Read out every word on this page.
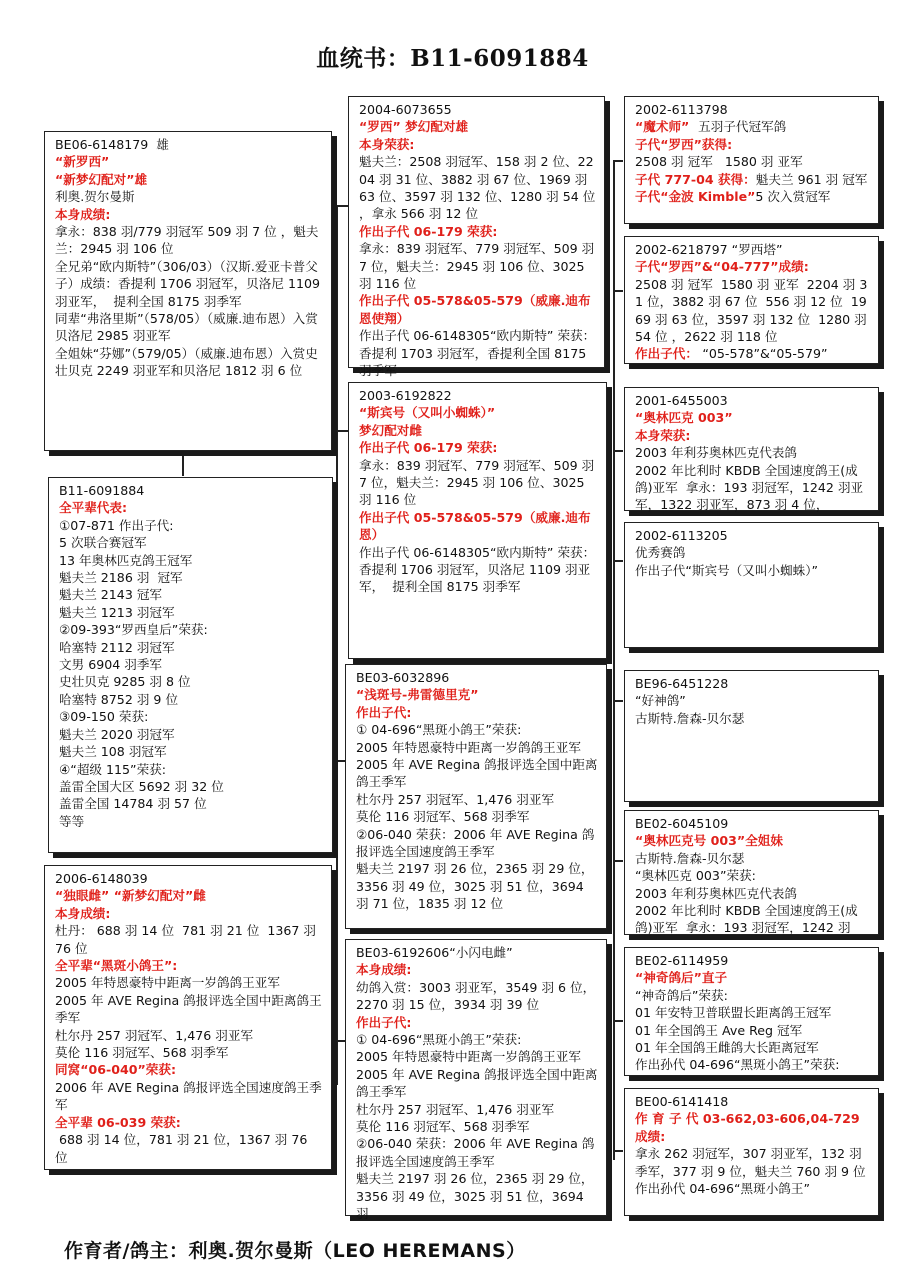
血统书：B11-6091884
BE06-6148179  雄
“新罗西”
“新梦幻配对”雄
利奥.贺尔曼斯
本身成绩:
拿永：838 羽/779 羽冠军 509 羽 7 位 ，魁夫兰：2945 羽 106 位
全兄弟“欧内斯特”（306/03）（汉斯.爱亚卡普父子）成绩：香提利 1706 羽冠军，贝洛尼 1109 羽亚军，  提利全国 8175 羽季军
同辈“弗洛里斯”（578/05）（威廉.迪布恩）入赏贝洛尼 2985 羽亚军
全姐妹“芬娜”（579/05）（威廉.迪布恩）入赏史壮贝克 2249 羽亚军和贝洛尼 1812 羽 6 位
B11-6091884
全平辈代表:
①07-871 作出子代:
5 次联合赛冠军
13 年奥林匹克鸽王冠军
魁夫兰 2186 羽  冠军
魁夫兰 2143 冠军
魁夫兰 1213 羽冠军
②09-393“罗西皇后”荣获:
哈塞特 2112 羽冠军
文男 6904 羽季军
史壮贝克 9285 羽 8 位
哈塞特 8752 羽 9 位
③09-150 荣获:
魁夫兰 2020 羽冠军
魁夫兰 108 羽冠军
④“超级 115”荣获:
盖雷全国大区 5692 羽 32 位
盖雷全国 14784 羽 57 位
等等
2006-6148039
“独眼雌” “新梦幻配对”雌
本身成绩:
杜丹： 688 羽 14 位  781 羽 21 位  1367 羽 76 位
全平辈“黑斑小鸽王”:
2005 年特恩豪特中距离一岁鸽鸽王亚军
2005 年 AVE Regina 鸽报评选全国中距离鸽王季军
杜尔丹 257 羽冠军、1,476 羽亚军
莫伦 116 羽冠军、568 羽季军
同窝“06-040”荣获:
2006 年 AVE Regina 鸽报评选全国速度鸽王季军
全平辈 06-039 荣获:
688 羽 14 位，781 羽 21 位，1367 羽 76 位
2004-6073655
“罗西” 梦幻配对雄
本身荣获:
魁夫兰：2508 羽冠军、158 羽 2 位、2204 羽 31 位、3882 羽 67 位、1969 羽 63 位、3597 羽 132 位、1280 羽 54 位 ，拿永 566 羽 12 位
作出子代 06-179 荣获:
拿永：839 羽冠军、779 羽冠军、509 羽 7 位，魁夫兰：2945 羽 106 位、3025 羽 116 位
作出子代 05-578&05-579（威廉.迪布恩使翔）
作出子代 06-6148305“欧内斯特” 荣获：香提利 1703 羽冠军，香提利全国 8175 羽季军
2003-6192822
“斯宾号（又叫小蜘蛛）”
梦幻配对雌
作出子代 06-179 荣获:
拿永：839 羽冠军、779 羽冠军、509 羽 7 位，魁夫兰：2945 羽 106 位、3025 羽 116 位
作出子代 05-578&05-579（威廉.迪布恩）
作出子代 06-6148305“欧内斯特” 荣获：香提利 1706 羽冠军，贝洛尼 1109 羽亚军，  提利全国 8175 羽季军
BE03-6032896
“浅斑号-弗雷德里克”
作出子代:
① 04-696“黑斑小鸽王”荣获:
2005 年特恩豪特中距离一岁鸽鸽王亚军
2005 年 AVE Regina 鸽报评选全国中距离鸽王季军
杜尔丹 257 羽冠军、1,476 羽亚军
莫伦 116 羽冠军、568 羽季军
②06-040 荣获：2006 年 AVE Regina 鸽报评选全国速度鸽王季军
魁夫兰 2197 羽 26 位，2365 羽 29 位，3356 羽 49 位，3025 羽 51 位，3694 羽 71 位，1835 羽 12 位
BE03-6192606“小闪电雌”
本身成绩:
幼鸽入赏：3003 羽亚军，3549 羽 6 位，2270 羽 15 位，3934 羽 39 位
作出子代:
① 04-696“黑斑小鸽王”荣获:
2005 年特恩豪特中距离一岁鸽鸽王亚军
2005 年 AVE Regina 鸽报评选全国中距离鸽王季军
杜尔丹 257 羽冠军、1,476 羽亚军
莫伦 116 羽冠军、568 羽季军
②06-040 荣获：2006 年 AVE Regina 鸽报评选全国速度鸽王季军
魁夫兰 2197 羽 26 位，2365 羽 29 位，3356 羽 49 位，3025 羽 51 位，3694 羽
2002-6113798
“魔术师”  五羽子代冠军鸽
子代“罗西”获得:
2508 羽 冠军   1580 羽 亚军
子代 777-04 获得：魁夫兰 961 羽 冠军
子代“金波 Kimble”5 次入赏冠军
2002-6218797 “罗西塔”
子代“罗西”&“04-777”成绩:
2508 羽 冠军  1580 羽 亚军  2204 羽 31 位，3882 羽 67 位  556 羽 12 位  1969 羽 63 位，3597 羽 132 位  1280 羽 54 位 ，2622 羽 118 位
作出子代： “05-578”&“05-579”
2001-6455003
“奥林匹克 003”
本身荣获:
2003 年利芬奥林匹克代表鸽
2002 年比利时 KBDB 全国速度鸽王(成鸽)亚军  拿永：193 羽冠军，1242 羽亚军，1322 羽亚军，873 羽 4 位，
2002-6113205
优秀赛鸽
作出子代“斯宾号（又叫小蜘蛛）”
BE96-6451228
“好神鸽”
古斯特.詹森-贝尔瑟
BE02-6045109
“奥林匹克号 003”全姐妹
古斯特.詹森-贝尔瑟
“奥林匹克 003”荣获:
2003 年利芬奥林匹克代表鸽
2002 年比利时 KBDB 全国速度鸽王(成鸽)亚军  拿永：193 羽冠军，1242 羽
BE02-6114959
“神奇鸽后”直子
“神奇鸽后”荣获:
01 年安特卫普联盟长距离鸽王冠军
01 年全国鸽王 Ave Reg 冠军
01 年全国鸽王雌鸽大长距离冠军
作出孙代 04-696“黑斑小鸽王”荣获:
BE00-6141418
作 育 子 代 03-662,03-606,04-729 成绩:
拿永 262 羽冠军，307 羽亚军，132 羽季军，377 羽 9 位，魁夫兰 760 羽 9 位
作出孙代 04-696“黑斑小鸽王”
作育者/鸽主：利奥.贺尔曼斯（LEO HEREMANS）
